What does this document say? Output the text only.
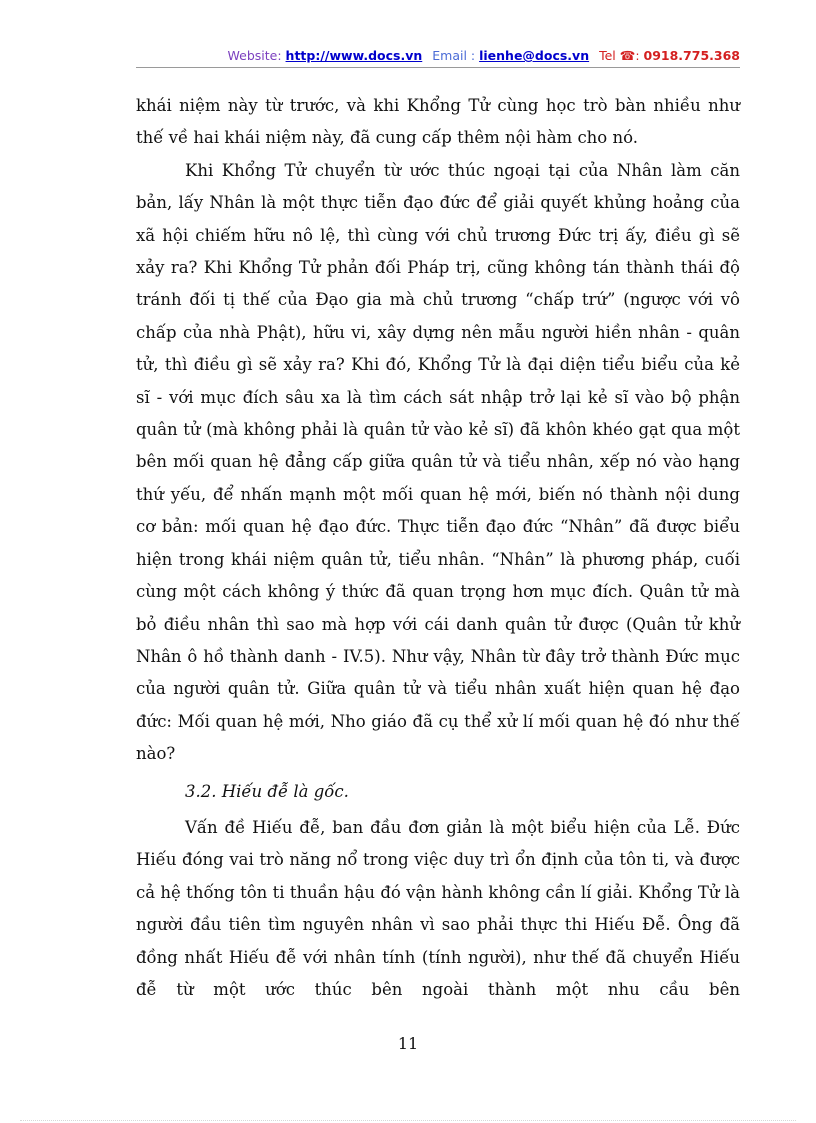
Website: http://www.docs.vn Email : lienhe@docs.vn Tel ☎: 0918.775.368

khái niệm này từ trước, và khi Khổng Tử cùng học trò bàn nhiều như thế về hai khái niệm này, đã cung cấp thêm nội hàm cho nó.

Khi Khổng Tử chuyển từ ước thúc ngoại tại của Nhân làm căn bản, lấy Nhân là một thực tiễn đạo đức để giải quyết khủng hoảng của xã hội chiếm hữu nô lệ, thì cùng với chủ trương Đức trị ấy, điều gì sẽ xảy ra? Khi Khổng Tử phản đối Pháp trị, cũng không tán thành thái độ tránh đối tị thế của Đạo gia mà chủ trương “chấp trứ” (ngược với vô chấp của nhà Phật), hữu vi, xây dựng nên mẫu người hiền nhân - quân tử, thì điều gì sẽ xảy ra? Khi đó, Khổng Tử là đại diện tiểu biểu của kẻ sĩ - với mục đích sâu xa là tìm cách sát nhập trở lại kẻ sĩ vào bộ phận quân tử (mà không phải là quân tử vào kẻ sĩ) đã khôn khéo gạt qua một bên mối quan hệ đẳng cấp giữa quân tử và tiểu nhân, xếp nó vào hạng thứ yếu, để nhấn mạnh một mối quan hệ mới, biến nó thành nội dung cơ bản: mối quan hệ đạo đức. Thực tiễn đạo đức “Nhân” đã được biểu hiện trong khái niệm quân tử, tiểu nhân. “Nhân” là phương pháp, cuối cùng một cách không ý thức đã quan trọng hơn mục đích. Quân tử mà bỏ điều nhân thì sao mà hợp với cái danh quân tử được (Quân tử khử Nhân ô hồ thành danh - IV.5). Như vậy, Nhân từ đây trở thành Đức mục của người quân tử. Giữa quân tử và tiểu nhân xuất hiện quan hệ đạo đức: Mối quan hệ mới, Nho giáo đã cụ thể xử lí mối quan hệ đó như thế nào?

3.2. Hiếu đễ là gốc.

Vấn đề Hiếu đễ, ban đầu đơn giản là một biểu hiện của Lễ. Đức Hiếu đóng vai trò năng nổ trong việc duy trì ổn định của tôn ti, và được cả hệ thống tôn ti thuần hậu đó vận hành không cần lí giải. Khổng Tử là người đầu tiên tìm nguyên nhân vì sao phải thực thi Hiếu Đễ. Ông đã đồng nhất Hiếu đễ với nhân tính (tính người), như thế đã chuyển Hiếu đễ từ một ước thúc bên ngoài thành một nhu cầu bên

11
